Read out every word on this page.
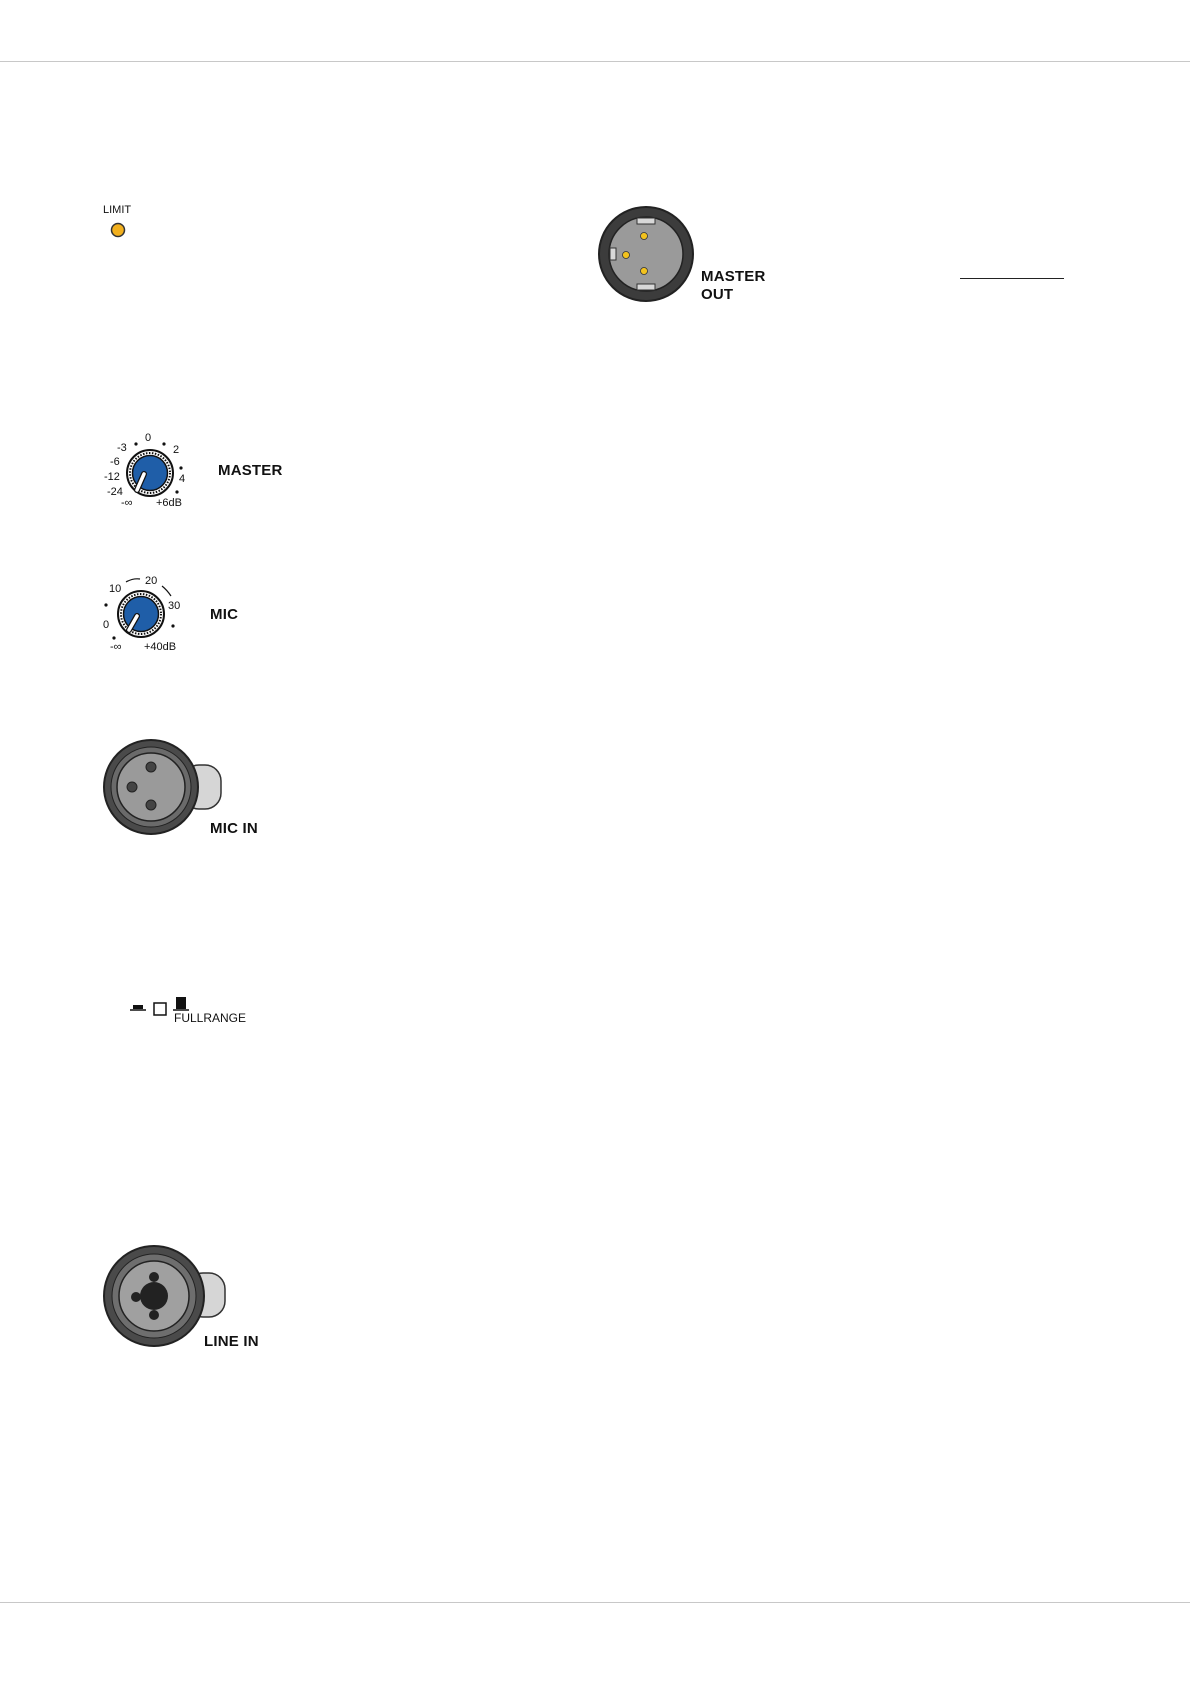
LIMIT
MASTER
OUT
-3
0
2
-6
-12	4
-24
-∞ +6dB
MASTER
10
20
30
0
-∞ +40dB
MIC
MIC IN
FULLRANGE
LINE IN
